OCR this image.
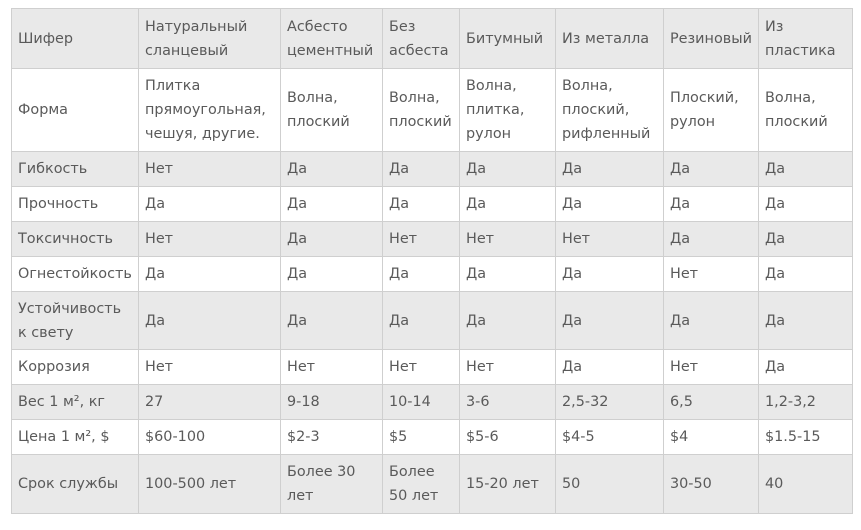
Шифер	Натуральный сланцевый	Асбесто цементный	Без асбеста	Битумный	Из металла	Резиновый	Из пластика
Форма	Плитка прямоугольная, чешуя, другие.	Волна, плоский	Волна, плоский	Волна, плитка, рулон	Волна, плоский, рифленный	Плоский, рулон	Волна, плоский
Гибкость	Нет	Да	Да	Да	Да	Да	Да
Прочность	Да	Да	Да	Да	Да	Да	Да
Токсичность	Нет	Да	Нет	Нет	Нет	Да	Да
Огнестойкость	Да	Да	Да	Да	Да	Нет	Да
Устойчивость к свету	Да	Да	Да	Да	Да	Да	Да
Коррозия	Нет	Нет	Нет	Нет	Да	Нет	Да
Вес 1 м², кг	27	9-18	10-14	3-6	2,5-32	6,5	1,2-3,2
Цена 1 м², $	$60-100	$2-3	$5	$5-6	$4-5	$4	$1.5-15
Срок службы	100-500 лет	Более 30 лет	Более 50 лет	15-20 лет	50	30-50	40
